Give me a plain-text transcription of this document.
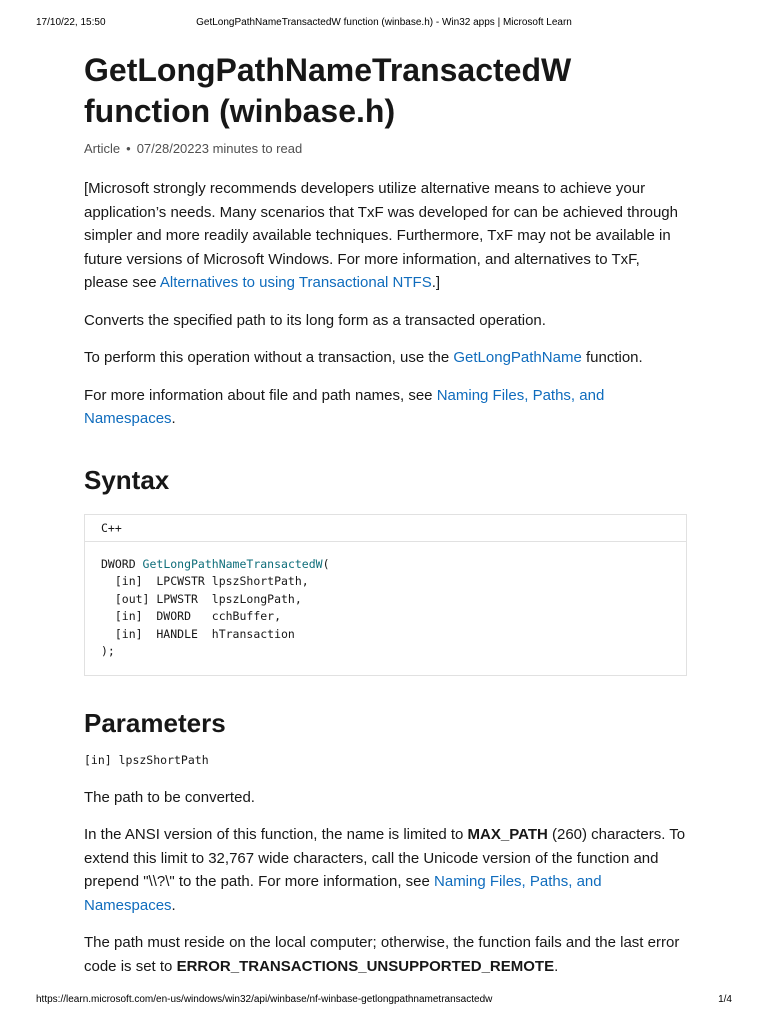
17/10/22, 15:50	GetLongPathNameTransactedW function (winbase.h) - Win32 apps | Microsoft Learn
GetLongPathNameTransactedW
function (winbase.h)
Article • 07/28/20223 minutes to read

[Microsoft strongly recommends developers utilize alternative means to achieve your application’s needs. Many scenarios that TxF was developed for can be achieved through simpler and more readily available techniques. Furthermore, TxF may not be available in future versions of Microsoft Windows. For more information, and alternatives to TxF, please see Alternatives to using Transactional NTFS.]

Converts the specified path to its long form as a transacted operation.

To perform this operation without a transaction, use the GetLongPathName function.

For more information about file and path names, see Naming Files, Paths, and Namespaces.

Syntax
C++
DWORD GetLongPathNameTransactedW(
[in]  LPCWSTR lpszShortPath,
[out] LPWSTR  lpszLongPath,
[in]  DWORD   cchBuffer,
[in]  HANDLE  hTransaction
);
Parameters
[in] lpszShortPath

The path to be converted.

In the ANSI version of this function, the name is limited to MAX_PATH (260) characters. To extend this limit to 32,767 wide characters, call the Unicode version of the function and prepend "\\?\" to the path. For more information, see Naming Files, Paths, and Namespaces.

The path must reside on the local computer; otherwise, the function fails and the last error code is set to ERROR_TRANSACTIONS_UNSUPPORTED_REMOTE.

https://learn.microsoft.com/en-us/windows/win32/api/winbase/nf-winbase-getlongpathnametransactedw	1/4
